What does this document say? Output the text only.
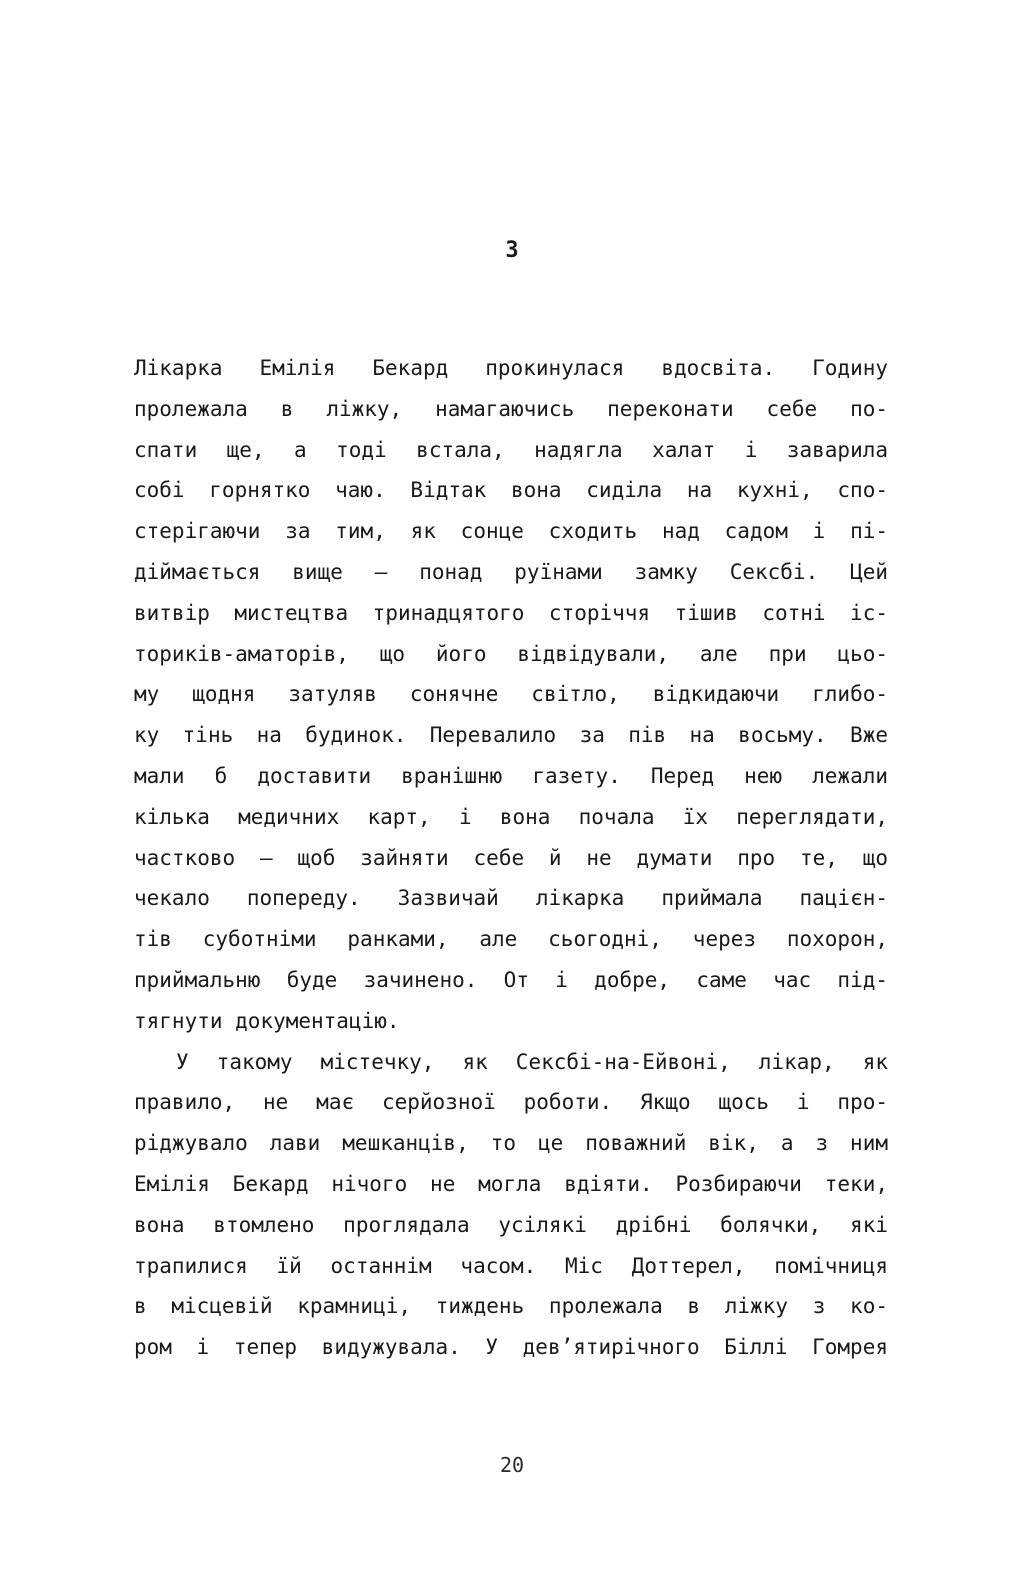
3
Лікарка Емілія Бекард прокинулася вдосвіта. Годину
пролежала в ліжку, намагаючись переконати себе по-
спати ще, а тоді встала, надягла халат і заварила
собі горнятко чаю. Відтак вона сиділа на кухні, спо-
стерігаючи за тим, як сонце сходить над садом і пі-
діймається вище — понад руїнами замку Сексбі. Цей
витвір мистецтва тринадцятого сторіччя тішив сотні іс-
ториків-аматорів, що його відвідували, але при цьо-
му щодня затуляв сонячне світло, відкидаючи глибо-
ку тінь на будинок. Перевалило за пів на восьму. Вже
мали б доставити вранішню газету. Перед нею лежали
кілька медичних карт, і вона почала їх переглядати,
частково — щоб зайняти себе й не думати про те, що
чекало попереду. Зазвичай лікарка приймала пацієн-
тів суботніми ранками, але сьогодні, через похорон,
приймальню буде зачинено. От і добре, саме час під-
тягнути документацію.
У такому містечку, як Сексбі-на-Ейвоні, лікар, як
правило, не має серйозної роботи. Якщо щось і про-
ріджувало лави мешканців, то це поважний вік, а з ним
Емілія Бекард нічого не могла вдіяти. Розбираючи теки,
вона втомлено проглядала усілякі дрібні болячки, які
трапилися їй останнім часом. Міс Доттерел, помічниця
в місцевій крамниці, тиждень пролежала в ліжку з ко-
ром і тепер видужувала. У дев’ятирічного Біллі Гомрея
20
